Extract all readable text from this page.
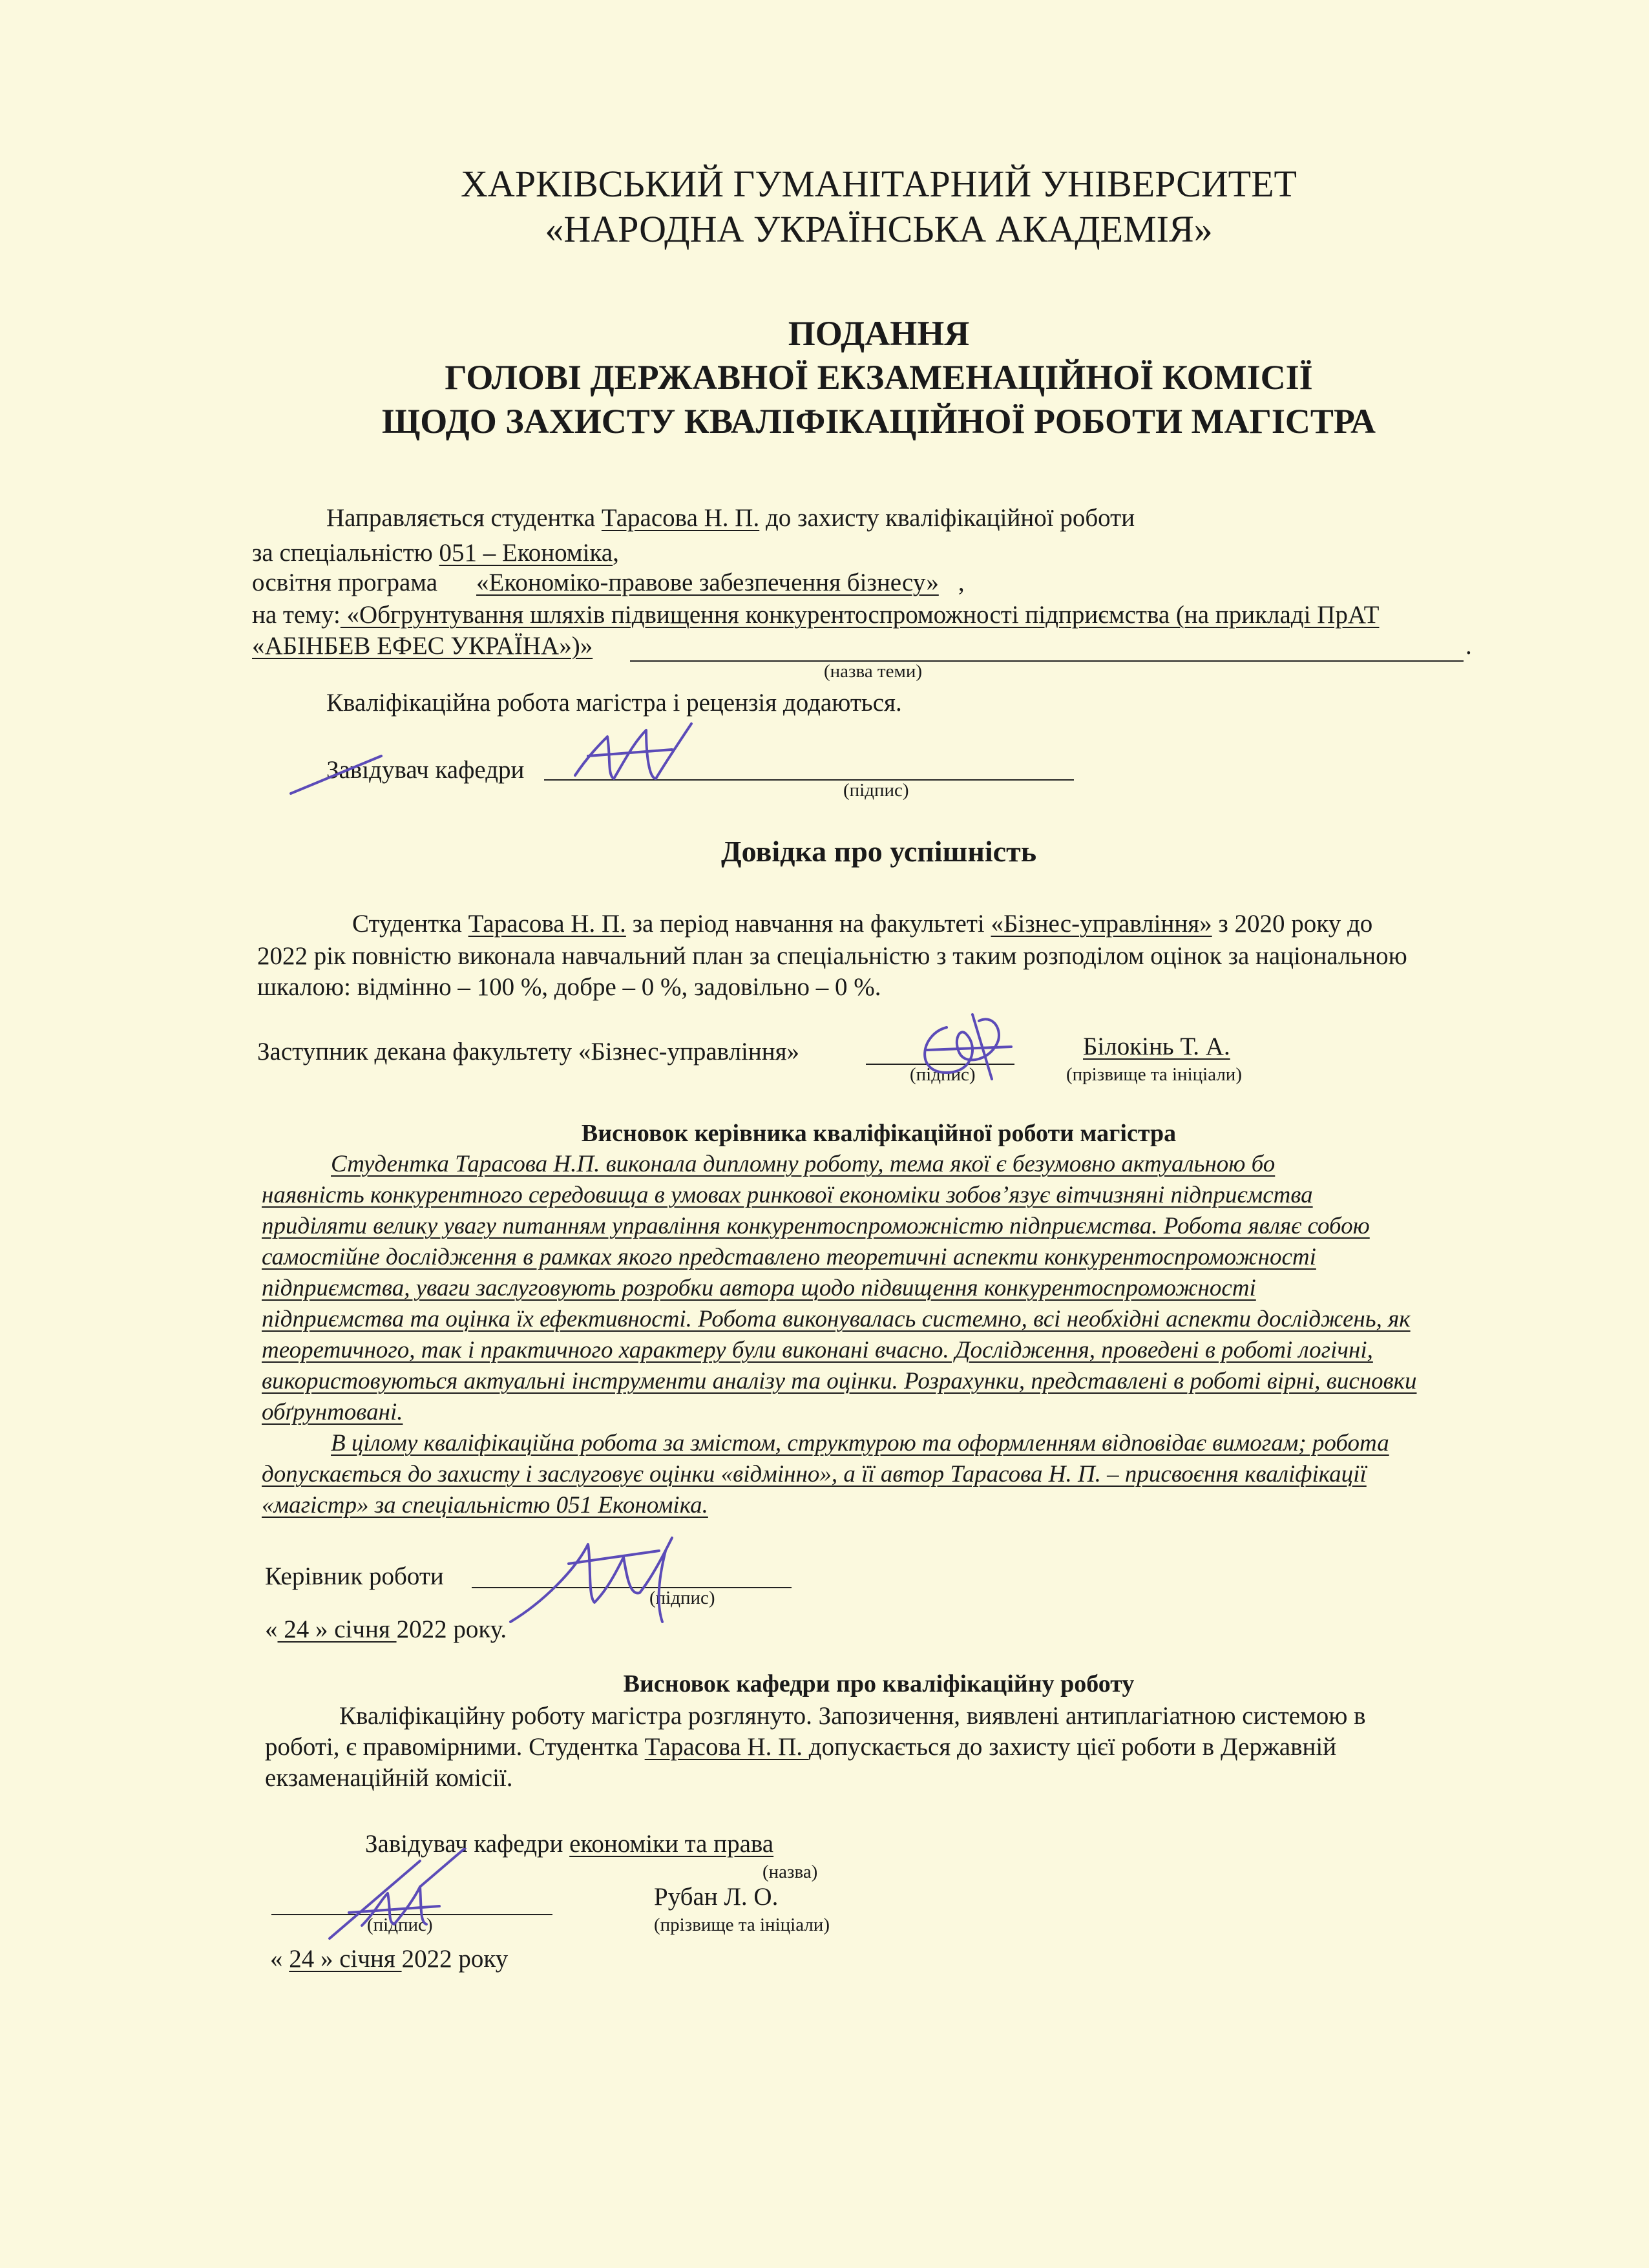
ХАРКІВСЬКИЙ ГУМАНІТАРНИЙ УНІВЕРСИТЕТ
«НАРОДНА УКРАЇНСЬКА АКАДЕМІЯ»
ПОДАННЯ
ГОЛОВІ ДЕРЖАВНОЇ ЕКЗАМЕНАЦІЙНОЇ КОМІСІЇ
ЩОДО ЗАХИСТУ КВАЛІФІКАЦІЙНОЇ РОБОТИ МАГІСТРА
Направляється студентка Тарасова Н. П. до захисту кваліфікаційної роботи
за спеціальністю 051 – Економіка,
освітня програма «Економіко-правове забезпечення бізнесу» ,
на тему: «Обгрунтування шляхів підвищення конкурентоспроможності підприємства (на прикладі ПрАТ
«АБІНБЕВ ЕФЕС УКРАЇНА»)»	.
(назва теми)
Кваліфікаційна робота магістра і рецензія додаються.
Завідувач кафедри
(підпис)
Довідка про успішність
Студентка Тарасова Н. П. за період навчання на факультеті «Бізнес-управління» з 2020 року до
2022 рік повністю виконала навчальний план за спеціальністю з таким розподілом оцінок за національною
шкалою: відмінно – 100 %, добре – 0 %, задовільно – 0 %.
Заступник декана факультету «Бізнес-управління»
(підпис)
Білокінь Т. А.
(прізвище та ініціали)
Висновок керівника кваліфікаційної роботи магістра
Студентка Тарасова Н.П. виконала дипломну роботу, тема якої є безумовно актуальною бо
наявність конкурентного середовища в умовах ринкової економіки зобов’язує вітчизняні підприємства
приділяти велику увагу питанням управління конкурентоспроможністю підприємства. Робота являє собою
самостійне дослідження в рамках якого представлено теоретичні аспекти конкурентоспроможності
підприємства, уваги заслуговують розробки автора щодо підвищення конкурентоспроможності
підприємства та оцінка їх ефективності. Робота виконувалась системно, всі необхідні аспекти досліджень, як
теоретичного, так і практичного характеру були виконані вчасно. Дослідження, проведені в роботі логічні,
використовуються актуальні інструменти аналізу та оцінки. Розрахунки, представлені в роботі вірні, висновки
обґрунтовані.
В цілому кваліфікаційна робота за змістом, структурою та оформленням відповідає вимогам; робота
допускається до захисту і заслуговує оцінки «відмінно», а її автор Тарасова Н. П. – присвоєння кваліфікації
«магістр» за спеціальністю 051 Економіка.
Керівник роботи
(підпис)
« 24 » січня 2022 року.
Висновок кафедри про кваліфікаційну роботу
Кваліфікаційну роботу магістра розглянуто. Запозичення, виявлені антиплагіатною системою в
роботі, є правомірними. Студентка Тарасова Н. П. допускається до захисту цієї роботи в Державній
екзаменаційній комісії.
Завідувач кафедри економіки та права
(назва)
Рубан Л. О.
(підпис)	(прізвище та ініціали)
« 24 » січня 2022 року
